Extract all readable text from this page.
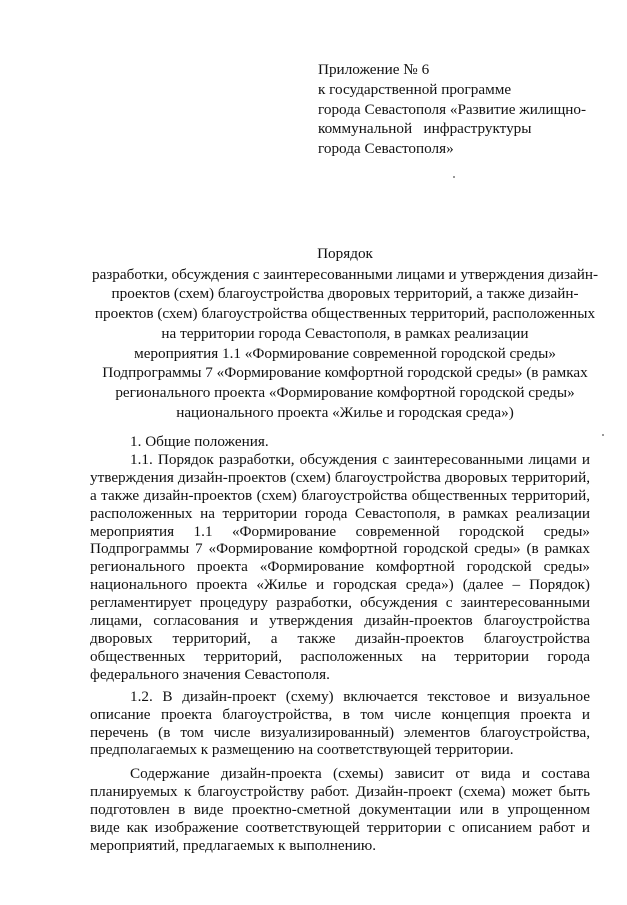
Приложение № 6
к государственной программе
города Севастополя «Развитие жилищно-
коммунальной   инфраструктуры
города Севастополя»
Порядок
разработки, обсуждения с заинтересованными лицами и утверждения дизайн-
проектов (схем) благоустройства дворовых территорий, а также дизайн-
проектов (схем) благоустройства общественных территорий, расположенных
на территории города Севастополя, в рамках реализации
мероприятия 1.1 «Формирование современной городской среды»
Подпрограммы 7 «Формирование комфортной городской среды» (в рамках
регионального проекта «Формирование комфортной городской среды»
национального проекта «Жилье и городская среда»)

1. Общие положения.

1.1. Порядок разработки, обсуждения с заинтересованными лицами и утверждения дизайн-проектов (схем) благоустройства дворовых территорий, а также дизайн-проектов (схем) благоустройства общественных территорий, расположенных на территории города Севастополя, в рамках реализации мероприятия 1.1 «Формирование современной городской среды» Подпрограммы 7 «Формирование комфортной городской среды» (в рамках регионального проекта «Формирование комфортной городской среды» национального проекта «Жилье и городская среда») (далее – Порядок) регламентирует процедуру разработки, обсуждения с заинтересованными лицами, согласования и утверждения дизайн-проектов благоустройства дворовых территорий, а также дизайн-проектов благоустройства общественных территорий, расположенных на территории города федерального значения Севастополя.

1.2. В дизайн-проект (схему) включается текстовое и визуальное описание проекта благоустройства, в том числе концепция проекта и перечень (в том числе визуализированный) элементов благоустройства, предполагаемых к размещению на соответствующей территории.

Содержание дизайн-проекта (схемы) зависит от вида и состава планируемых к благоустройству работ. Дизайн-проект (схема) может быть подготовлен в виде проектно-сметной документации или в упрощенном виде как изображение соответствующей территории с описанием работ и мероприятий, предлагаемых к выполнению.
